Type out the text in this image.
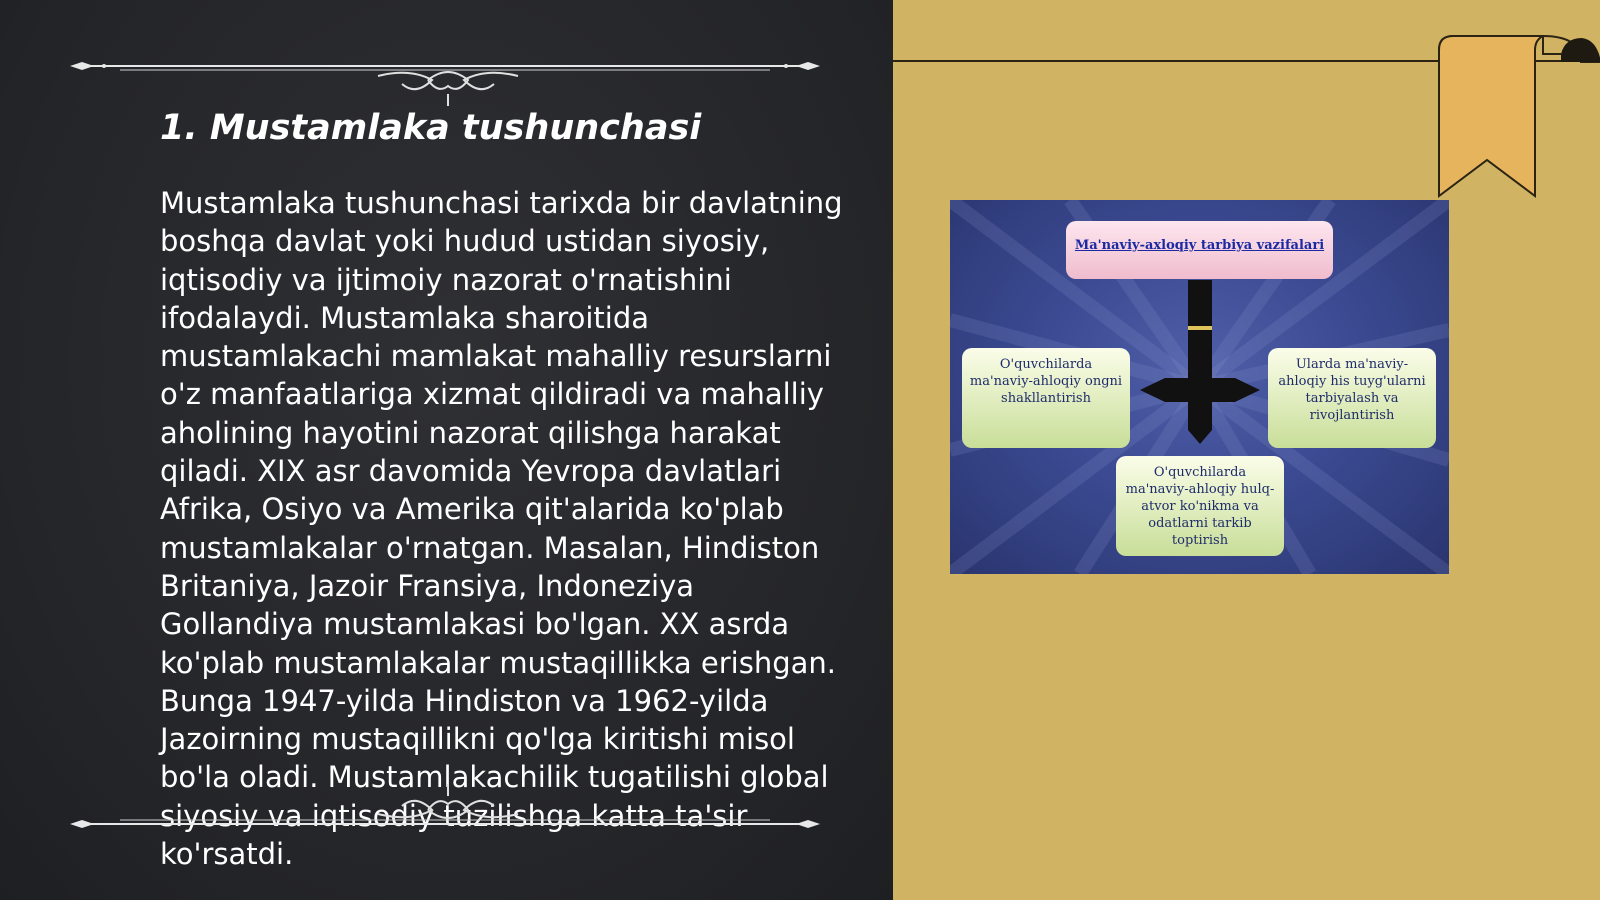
1. Mustamlaka tushunchasi

Mustamlaka tushunchasi tarixda bir davlatning boshqa davlat yoki hudud ustidan siyosiy, iqtisodiy va ijtimoiy nazorat o'rnatishini ifodalaydi. Mustamlaka sharoitida mustamlakachi mamlakat mahalliy resurslarni o'z manfaatlariga xizmat qildiradi va mahalliy aholining hayotini nazorat qilishga harakat qiladi. XIX asr davomida Yevropa davlatlari Afrika, Osiyo va Amerika qit'alarida ko'plab mustamlakalar o'rnatgan. Masalan, Hindiston Britaniya, Jazoir Fransiya, Indoneziya Gollandiya mustamlakasi bo'lgan. XX asrda ko'plab mustamlakalar mustaqillikka erishgan. Bunga 1947-yilda Hindiston va 1962-yilda Jazoirning mustaqillikni qo'lga kiritishi misol bo'la oladi. Mustamlakachilik tugatilishi global siyosiy va iqtisodiy tuzilishga katta ta'sir ko'rsatdi.

Ma'naviy-axloqiy tarbiya vazifalari
O'quvchilarda ma'naviy-ahloqiy ongni shakllantirish
Ularda ma'naviy-ahloqiy his tuyg'ularni tarbiyalash va rivojlantirish
O'quvchilarda ma'naviy-ahloqiy hulq-atvor ko'nikma va odatlarni tarkib toptirish
